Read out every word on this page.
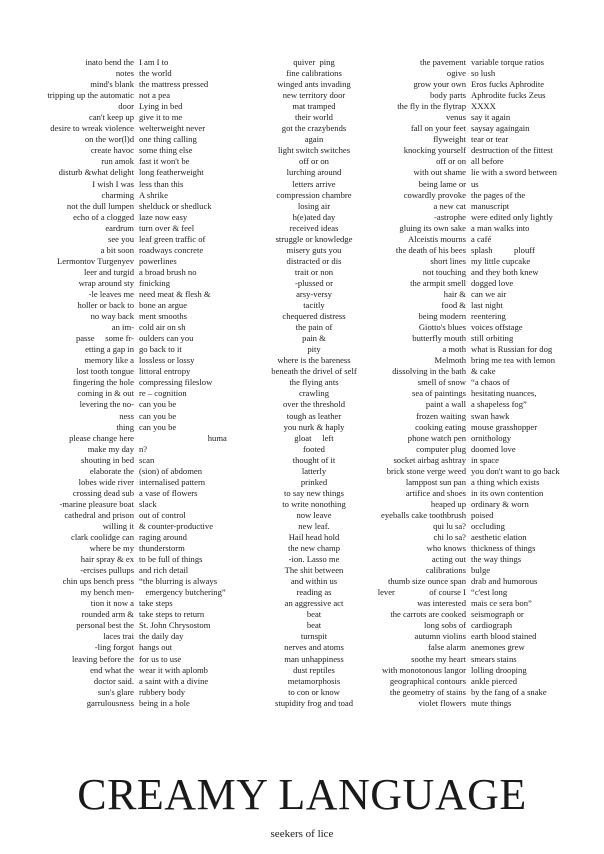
inato bend the
notes
mind's blank
tripping up the automatic
door
can't keep up
desire to wreak violence
on the wor(l)d
create havoc
run amok
disturb &what delight
I wish I was
charming
not the dull lumpen
echo of a clogged
eardrum
see you
a bit soon
Lermontov Turgenyev
leer and turgid
wrap around sty
-le leaves me
holler or back to
no way back
an im-
passe     some fr-
etting a gap in
memory like a
lost tooth tongue
fingering the hole
coming in & out
levering the no-
ness
thing
please change here
make my day
shouting in bed
elaborate the
lobes wide river
crossing dead sub
-marine pleasure boat
cathedral and prison
willing it
clark coolidge can
where be my
hair spray & ex
-ercises pullups
chin ups bench press
my bench men-
tion it now a
rounded arm &
personal best the
laces trai
-ling forgot
leaving before the
end what the
doctor said.
sun's glare
garrulousness
I am I to
the world
the mattress pressed
not a pea
Lying in bed
give it to me
welterweight never
one thing calling
some thing else
fast it won't be
long featherweight
less than this
A shrike
shelduck or shedluck
laze now easy
turn over & feel
leaf green traffic of
roadways concrete
powerlines
a broad brush no
finicking
need meat & flesh &
bone an argue
ment smooths
cold air on sh
oulders can you
go back to it
lossless or lossy
littoral entropy
compressing fileslow
re – cognition
can you be
can you be
can you be
huma
n?
scan
(sion) of abdomen
internalised pattern
a vase of flowers
slack
out of control
& counter-productive
raging around
thunderstorm
to be full of things
and rich detail
“the blurring is always
emergency butchering”
take steps
take steps to return
St. John Chrysostom
the daily day
hangs out
for us to use
wear it with aplomb
a saint with a divine
rubbery body
being in a hole
quiver  ping
fine calibrations
winged ants invading
new territory door
mat tramped
their world
got the crazybends
again
light switch switches
off or on
lurching around
letters arrive
compression chambre
losing air
h(e)ated day
received ideas
struggle or knowledge
misery guts you
distracted or dis
trait or non
-plussed or
arsy-versy
tacitly
chequered distress
the pain of
pain &
pity
where is the bareness
beneath the drivel of self
the flying ants
crawling
over the threshold
tough as leather
you nurk & haply
gloat     left
footed
thought of it
latterly
prinked
to say new things
to write nonothing
now leave
new leaf.
Hail head hold
the new champ
-ion. Lasso me
The shit between
and within us
reading as
an aggressive act
beat
beat
turnspit
nerves and atoms
man unhappiness
dust reptiles
metamorphosis
to con or know
stupidity frog and toad
the pavement
ogive
grow your own
body parts
the fly in the flytrap
venus
fall on your feet
flyweight
knocking yourself
off or on
with out shame
being lame or
cowardly provoke
a new cat
-astrophe
gluing its own sake
Alceistis mourns
the death of his bees
short lines
not touching
the armpit smell
hair &
food &
being modern
Giotto's blues
butterfly mouth
a moth
Melmoth
dissolving in the bath
smell of snow
sea of paintings
paint a wall
frozen waiting
cooking eating
phone watch pen
computer plug
socket airbag ashtray
brick stone verge weed
lamppost sun pan
artifice and shoes
heaped up
eyeballs cake toothbrush
qui lu sa?
chi lo sa?
who knows
acting out
calibrations
thumb size ounce span
lever                of course I
was interested
the carrots are cooked
long sobs of
autumn violins
false alarm
soothe my heart
with monotonous langor
geographical contours
the geometry of stains
violet flowers
variable torque ratios
so lush
Eros fucks Aphrodite
Aphrodite fucks Zeus
XXXX
say it again
saysay againgain
tear or tear
destruction of the fittest
all before
lie with a sword between
us
the pages of the
manuscript
were edited only lightly
a man walks into
a café
splash          plouff
my little cupcake
and they both knew
dogged love
can we air
last night
reentering
voices offstage
still orbiting
what is Russian for dog
bring me tea with lemon
& cake
“a chaos of
hesitating nuances,
a shapeless fog”
swan hawk
mouse grasshopper
ornithology
doomed love
in space
you don't want to go back
a thing which exists
in its own contention
ordinary & worn
poised
occluding
aesthetic elation
thickness of things
the way things
bulge
drab and humorous
“c'est long
mais ce sera bon”
seismograph or
cardiograph
earth blood stained
anemones grew
smears stains
lolling drooping
ankle pierced
by the fang of a snake
mute things
CREAMY LANGUAGE
seekers of lice
